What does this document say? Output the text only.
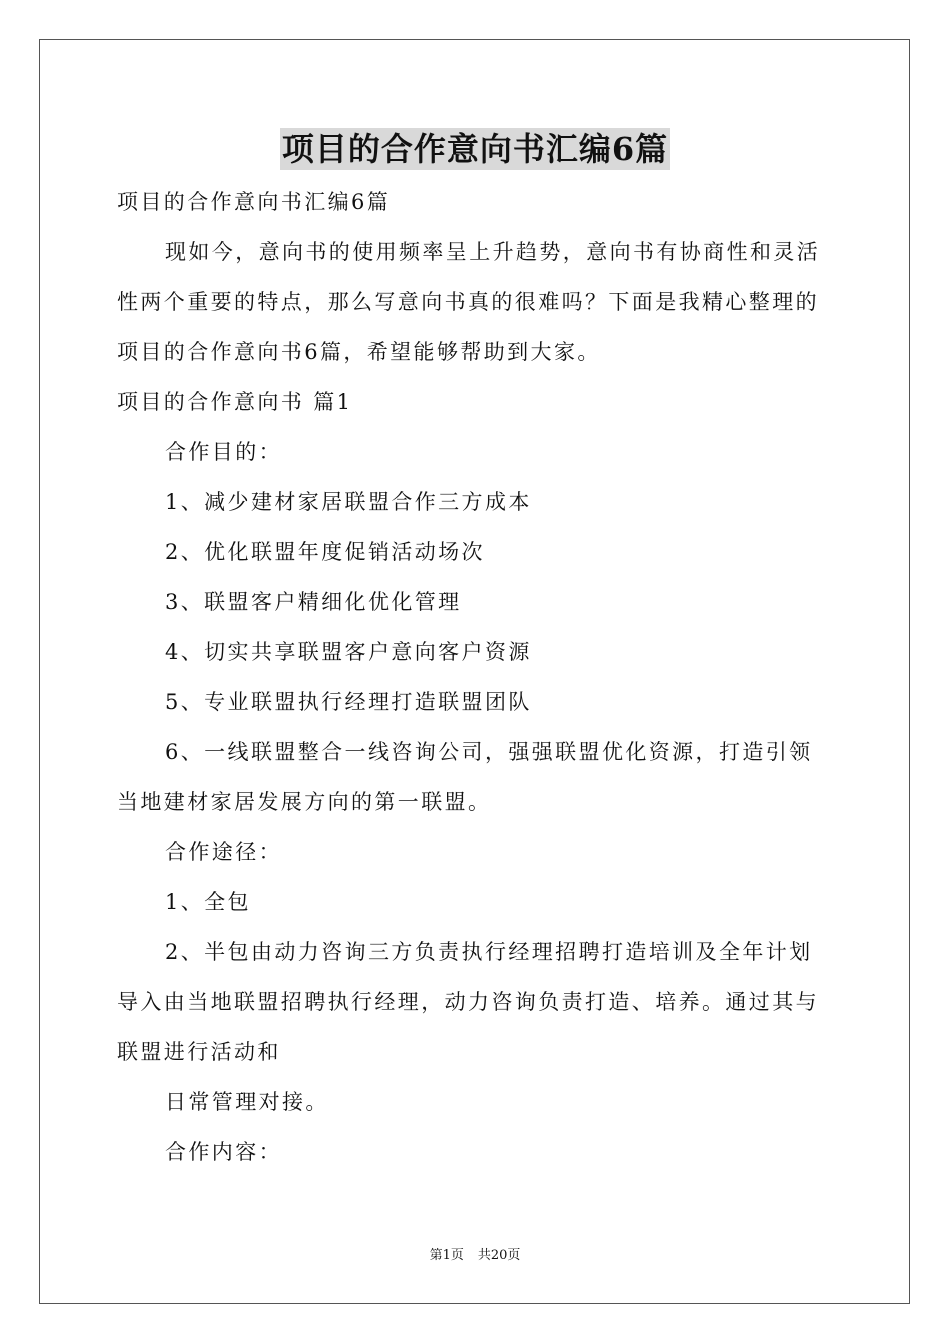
项目的合作意向书汇编6篇

项目的合作意向书汇编6篇

现如今，意向书的使用频率呈上升趋势，意向书有协商性和灵活性两个重要的特点，那么写意向书真的很难吗？下面是我精心整理的项目的合作意向书6篇，希望能够帮助到大家。

项目的合作意向书 篇1

合作目的：

1、减少建材家居联盟合作三方成本

2、优化联盟年度促销活动场次

3、联盟客户精细化优化管理

4、切实共享联盟客户意向客户资源

5、专业联盟执行经理打造联盟团队

6、一线联盟整合一线咨询公司，强强联盟优化资源，打造引领当地建材家居发展方向的第一联盟。

合作途径：

1、全包

2、半包由动力咨询三方负责执行经理招聘打造培训及全年计划导入由当地联盟招聘执行经理，动力咨询负责打造、培养。通过其与联盟进行活动和

日常管理对接。

合作内容：

第1页 共20页
